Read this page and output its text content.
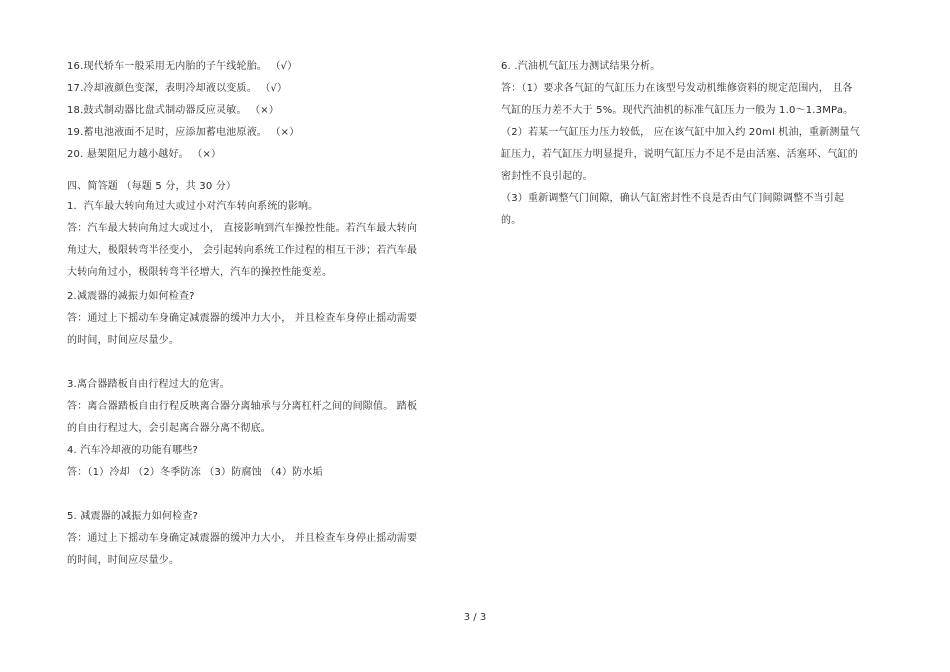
16.现代轿车一般采用无内胎的子午线轮胎。 （√）
17.冷却液颜色变深，表明冷却液以变质。 （√）
18.鼓式制动器比盘式制动器反应灵敏。 （×）
19.蓄电池液面不足时，应添加蓄电池原液。 （×）
20. 悬架阻尼力越小越好。 （×）
四、简答题 （每题 5 分，共 30 分）
1．汽车最大转向角过大或过小对汽车转向系统的影响。
答：汽车最大转向角过大或过小， 直接影响到汽车操控性能。若汽车最大转向
角过大，极限转弯半径变小， 会引起转向系统工作过程的相互干涉；若汽车最
大转向角过小，极限转弯半径增大，汽车的操控性能变差。
2.减震器的减振力如何检查?
答：通过上下摇动车身确定减震器的缓冲力大小， 并且检查车身停止摇动需要
的时间，时间应尽量少。
3.离合器踏板自由行程过大的危害。
答：离合器踏板自由行程反映离合器分离轴承与分离杠杆之间的间隙值。 踏板
的自由行程过大，会引起离合器分离不彻底。
4. 汽车冷却液的功能有哪些?
答：（1）冷却 （2）冬季防冻 （3）防腐蚀 （4）防水垢
5. 减震器的减振力如何检查?
答：通过上下摇动车身确定减震器的缓冲力大小， 并且检查车身停止摇动需要
的时间，时间应尽量少。
6. .汽油机气缸压力测试结果分析。
答：（1）要求各气缸的气缸压力在该型号发动机维修资料的规定范围内， 且各
气缸的压力差不大于 5%。现代汽油机的标准气缸压力一般为 1.0～1.3MPa。
（2）若某一气缸压力压力较低， 应在该气缸中加入约 20ml 机油，重新测量气
缸压力，若气缸压力明显提升，说明气缸压力不足不是由活塞、活塞环、气缸的
密封性不良引起的。
（3）重新调整气门间隙，确认气缸密封性不良是否由气门间隙调整不当引起
的。
3 / 3
